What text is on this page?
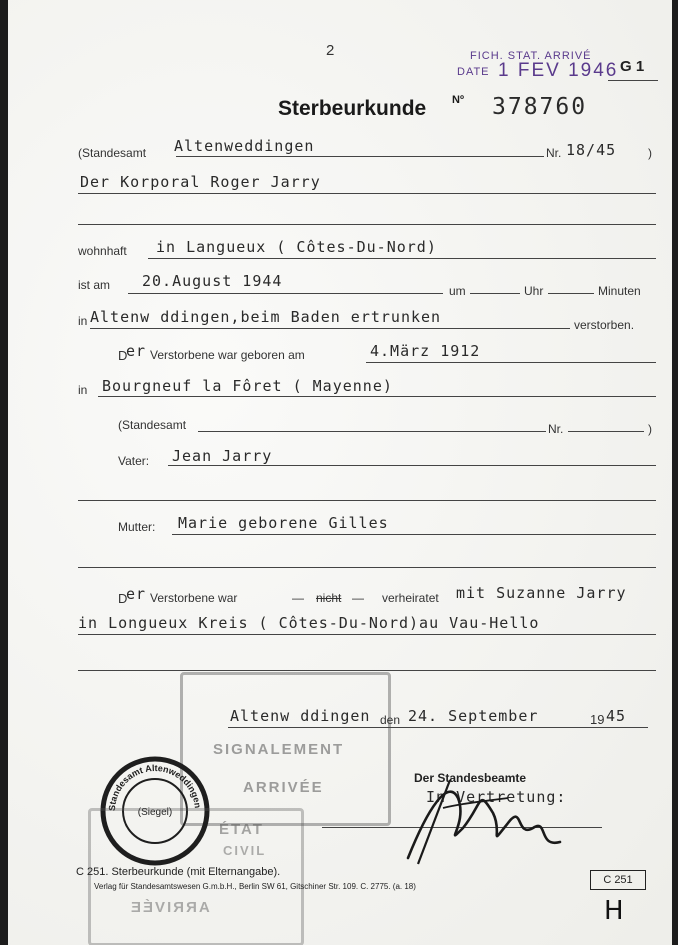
2	FICH. STAT. ARRIVÉ
DATE 1 FEV 1946 G 1
Sterbeurkunde Nº 378760
(Standesamt Altenweddingen	Nr. 18/45	)
Der Korporal Roger Jarry
wohnhaft in Langueux ( Côtes-Du-Nord)
ist am 20.August 1944
um	Uhr	Minuten
in Altenw ddingen,beim Baden ertrunken	verstorben.
D
er Verstorbene war geboren am	4.März 1912
in Bourgneuf la Fôret ( Mayenne)
(Standesamt	Nr.	)
Vater: Jean Jarry
Mutter: Marie geborene Gilles
D
er Verstorbene war	— nicht — verheiratet mit Suzanne Jarry
in Longueux Kreis ( Côtes-Du-Nord)au Vau-Hello
SIGNALEMENT
ARRIVÉE
Altenw ddingen den 24. September	19 45
Der Standesbeamte
In Vertretung:
Standesamt Altenweddingen
(Siegel)
ÉTAT
CIVIL
ARRIVÉE
C 251. Sterbeurkunde (mit Elternangabe).
Verlag für Standesamtswesen G.m.b.H., Berlin SW 61, Gitschiner Str. 109. C. 2775. (a. 18)
C 251
H
